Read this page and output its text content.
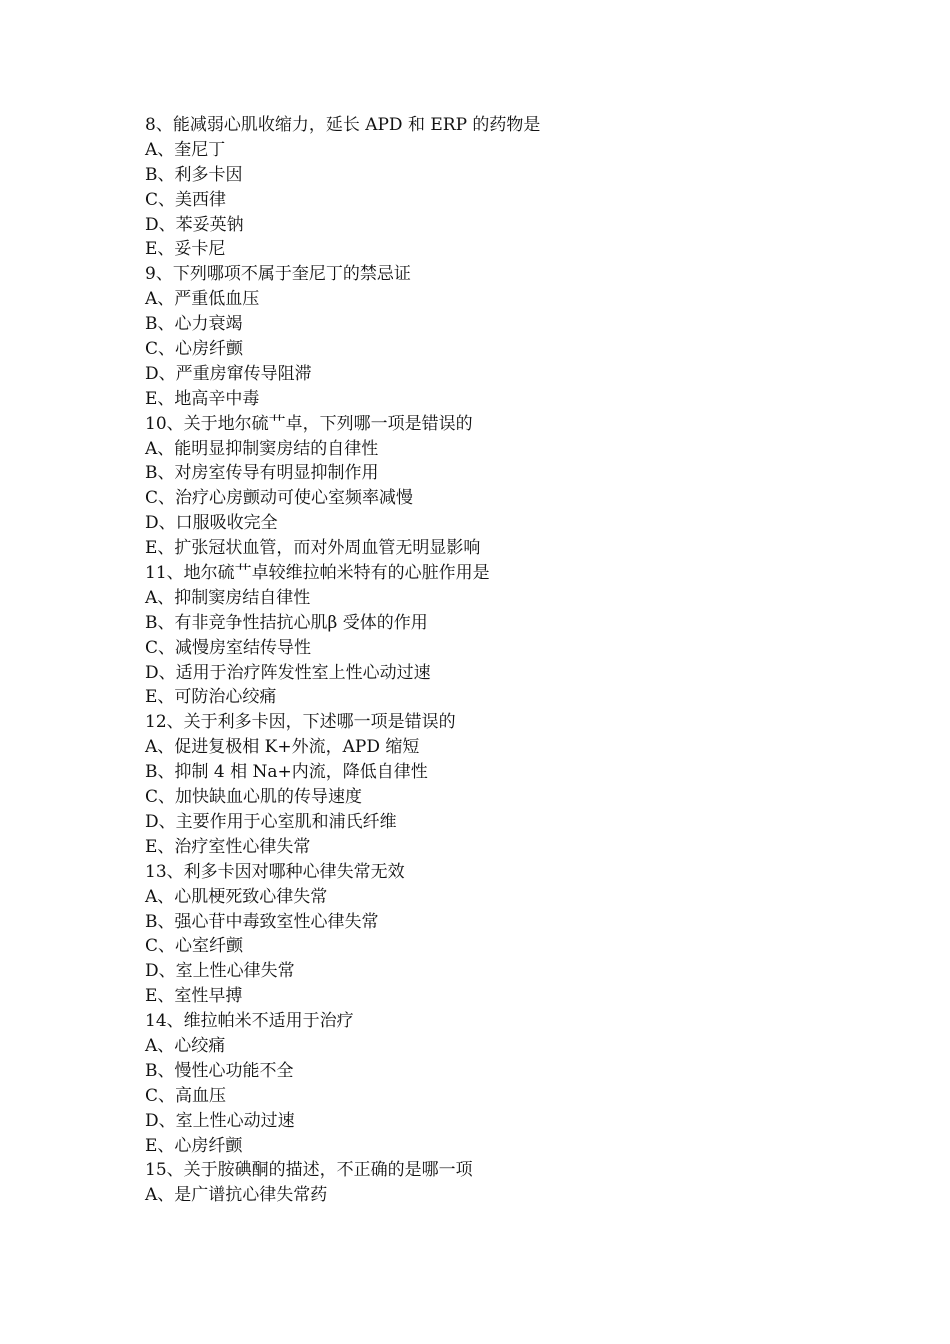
8、能减弱心肌收缩力，延长 APD 和 ERP 的药物是
A、奎尼丁
B、利多卡因
C、美西律
D、苯妥英钠
E、妥卡尼
9、下列哪项不属于奎尼丁的禁忌证
A、严重低血压
B、心力衰竭
C、心房纤颤
D、严重房窜传导阻滞
E、地高辛中毒
10、关于地尔硫艹卓，下列哪一项是错误的
A、能明显抑制窦房结的自律性
B、对房室传导有明显抑制作用
C、治疗心房颤动可使心室频率减慢
D、口服吸收完全
E、扩张冠状血管，而对外周血管无明显影响
11、地尔硫艹卓较维拉帕米特有的心脏作用是
A、抑制窦房结自律性
B、有非竞争性拮抗心肌β 受体的作用
C、减慢房室结传导性
D、适用于治疗阵发性室上性心动过速
E、可防治心绞痛
12、关于利多卡因，下述哪一项是错误的
A、促进复极相 K+外流，APD 缩短
B、抑制 4 相 Na+内流，降低自律性
C、加快缺血心肌的传导速度
D、主要作用于心室肌和浦氏纤维
E、治疗室性心律失常
13、利多卡因对哪种心律失常无效
A、心肌梗死致心律失常
B、强心苷中毒致室性心律失常
C、心室纤颤
D、室上性心律失常
E、室性早搏
14、维拉帕米不适用于治疗
A、心绞痛
B、慢性心功能不全
C、高血压
D、室上性心动过速
E、心房纤颤
15、关于胺碘酮的描述，不正确的是哪一项
A、是广谱抗心律失常药
